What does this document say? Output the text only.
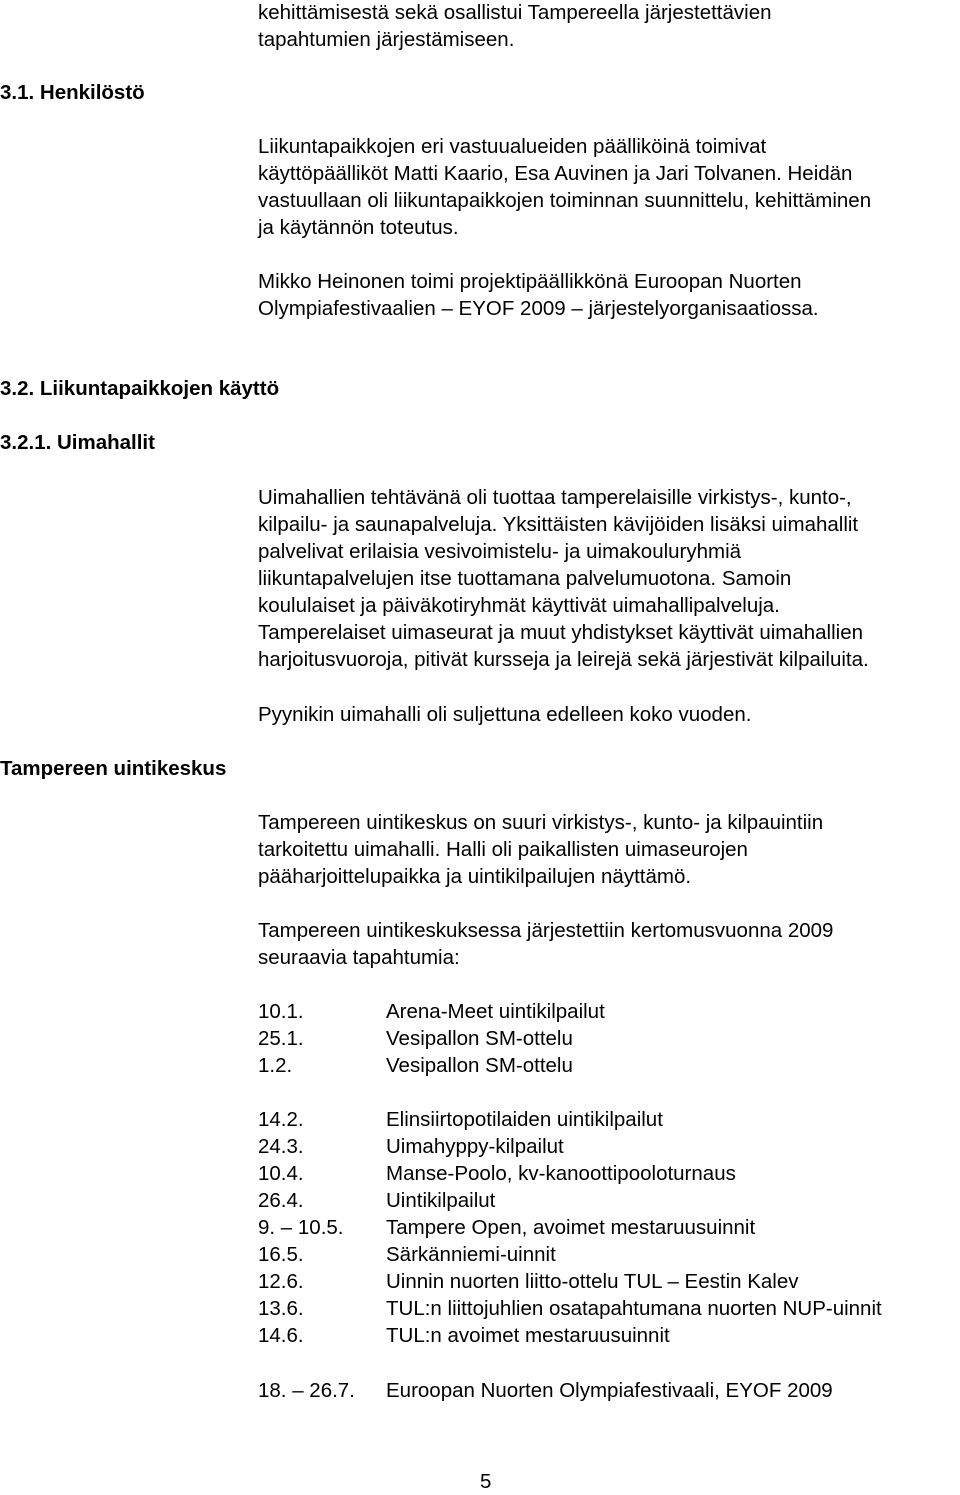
kehittämisestä sekä osallistui Tampereella järjestettävien

tapahtumien järjestämiseen.

3.1. Henkilöstö

Liikuntapaikkojen eri vastuualueiden päälliköinä toimivat

käyttöpäälliköt Matti Kaario, Esa Auvinen ja Jari Tolvanen. Heidän

vastuullaan oli liikuntapaikkojen toiminnan suunnittelu, kehittäminen

ja käytännön toteutus.

Mikko Heinonen toimi projektipäällikkönä Euroopan Nuorten

Olympiafestivaalien – EYOF 2009 – järjestelyorganisaatiossa.

3.2. Liikuntapaikkojen käyttö
3.2.1. Uimahallit

Uimahallien tehtävänä oli tuottaa tamperelaisille virkistys-, kunto-,

kilpailu- ja saunapalveluja. Yksittäisten kävijöiden lisäksi uimahallit

palvelivat erilaisia vesivoimistelu- ja uimakouluryhmiä

liikuntapalvelujen itse tuottamana palvelumuotona. Samoin

koululaiset ja päiväkotiryhmät käyttivät uimahallipalveluja.

Tamperelaiset uimaseurat ja muut yhdistykset käyttivät uimahallien

harjoitusvuoroja, pitivät kursseja ja leirejä sekä järjestivät kilpailuita.

Pyynikin uimahalli oli suljettuna edelleen koko vuoden.

Tampereen uintikeskus

Tampereen uintikeskus on suuri virkistys-, kunto- ja kilpauintiin

tarkoitettu uimahalli. Halli oli paikallisten uimaseurojen

pääharjoittelupaikka ja uintikilpailujen näyttämö.

Tampereen uintikeskuksessa järjestettiin kertomusvuonna 2009

seuraavia tapahtumia:

10.1.	Arena-Meet uintikilpailut
25.1.	Vesipallon SM-ottelu
1.2.	Vesipallon SM-ottelu
14.2.	Elinsiirtopotilaiden uintikilpailut
24.3.	Uimahyppy-kilpailut
10.4.	Manse-Poolo, kv-kanoottipooloturnaus
26.4.	Uintikilpailut
9. – 10.5. Tampere Open, avoimet mestaruusuinnit
16.5.	Särkänniemi-uinnit
12.6.	Uinnin nuorten liitto-ottelu TUL – Eestin Kalev
13.6.	TUL:n liittojuhlien osatapahtumana nuorten NUP-uinnit
14.6.	TUL:n avoimet mestaruusuinnit
18. – 26.7. Euroopan Nuorten Olympiafestivaali, EYOF 2009
5
